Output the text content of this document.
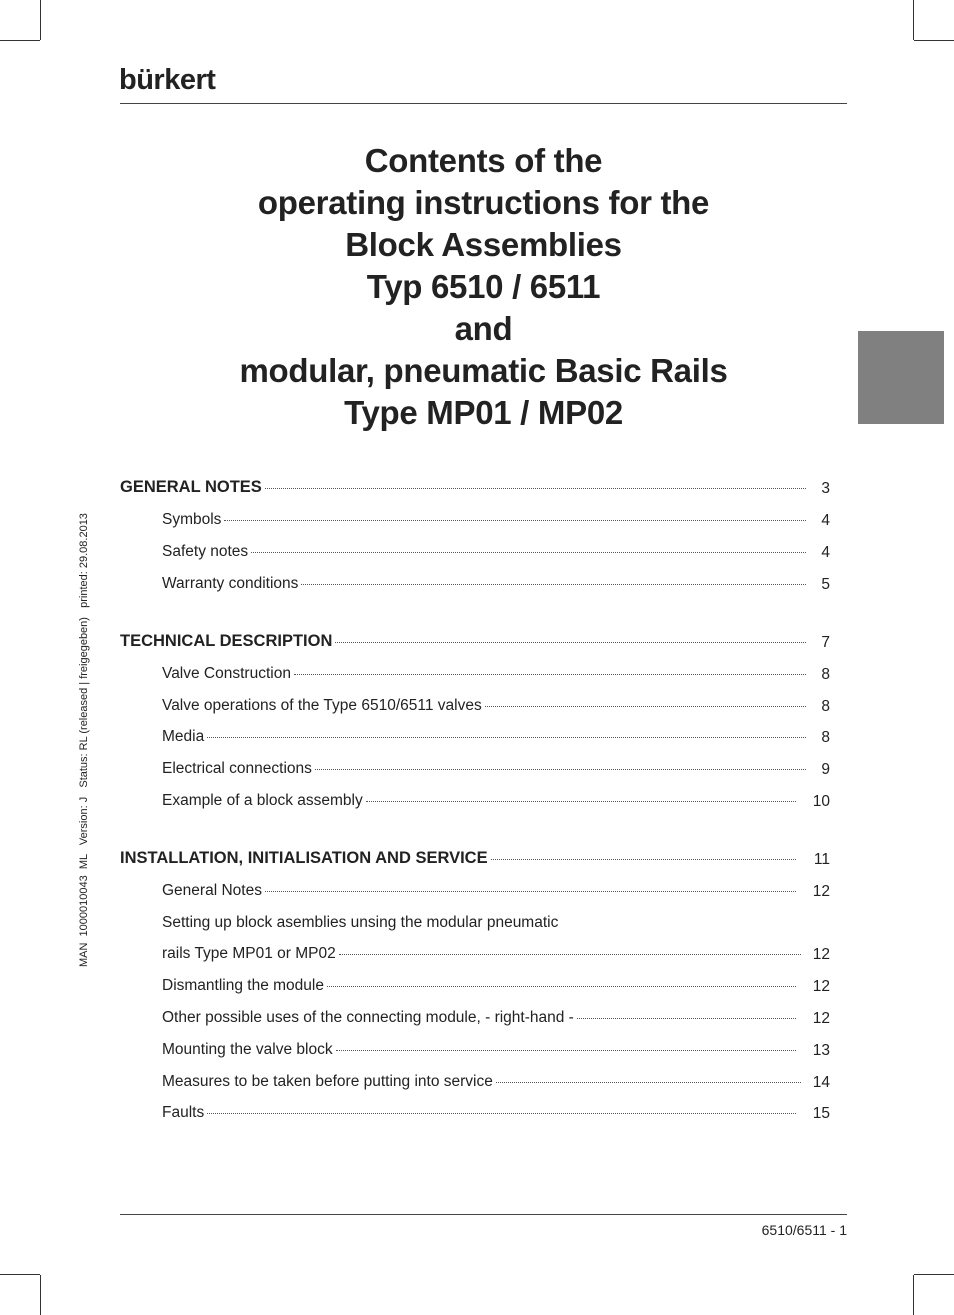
bürkert
Contents of the
operating instructions for the
Block Assemblies
Typ 6510 / 6511
and
modular, pneumatic Basic Rails
Type MP01 / MP02
MAN  1000010043  ML   Version: J   Status: RL (released | freigegeben)   printed: 29.08.2013
GENERAL NOTES	3
Symbols	4
Safety notes	4
Warranty conditions	5
TECHNICAL DESCRIPTION	7
Valve Construction	8
Valve operations of the Type 6510/6511 valves	8
Media	8
Electrical connections	9
Example of a block assembly	10
INSTALLATION, INITIALISATION AND SERVICE	11
General Notes	12
Setting up block asemblies unsing the modular pneumatic
rails Type MP01 or MP02	12
Dismantling the module	12
Other possible uses of the connecting module, - right-hand -	12
Mounting the valve block	13
Measures to be taken before putting into service	14
Faults	15
6510/6511 - 1
